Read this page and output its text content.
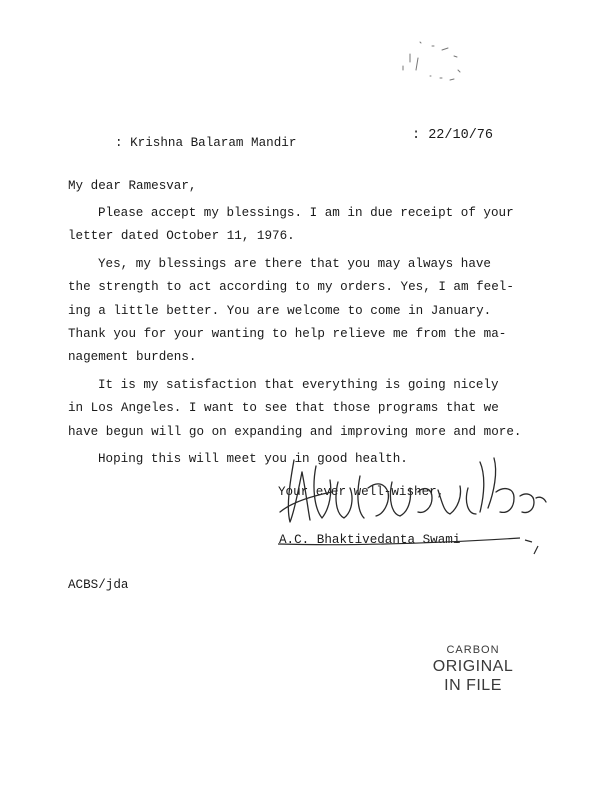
: Krishna Balaram Mandir	: 22/10/76
My dear Ramesvar,
Please accept my blessings. I am in due receipt of your
letter dated October 11, 1976.
Yes, my blessings are there that you may always have
the strength to act according to my orders. Yes, I am feel-
ing a little better. You are welcome to come in January.
Thank you for your wanting to help relieve me from the ma-
nagement burdens.
It is my satisfaction that everything is going nicely
in Los Angeles. I want to see that those programs that we
have begun will go on expanding and improving more and more.
Hoping this will meet you in good health.
Your ever well-wisher,
A.C. Bhaktivedanta Swami
ACBS/jda
CARBON
ORIGINAL
IN FILE
